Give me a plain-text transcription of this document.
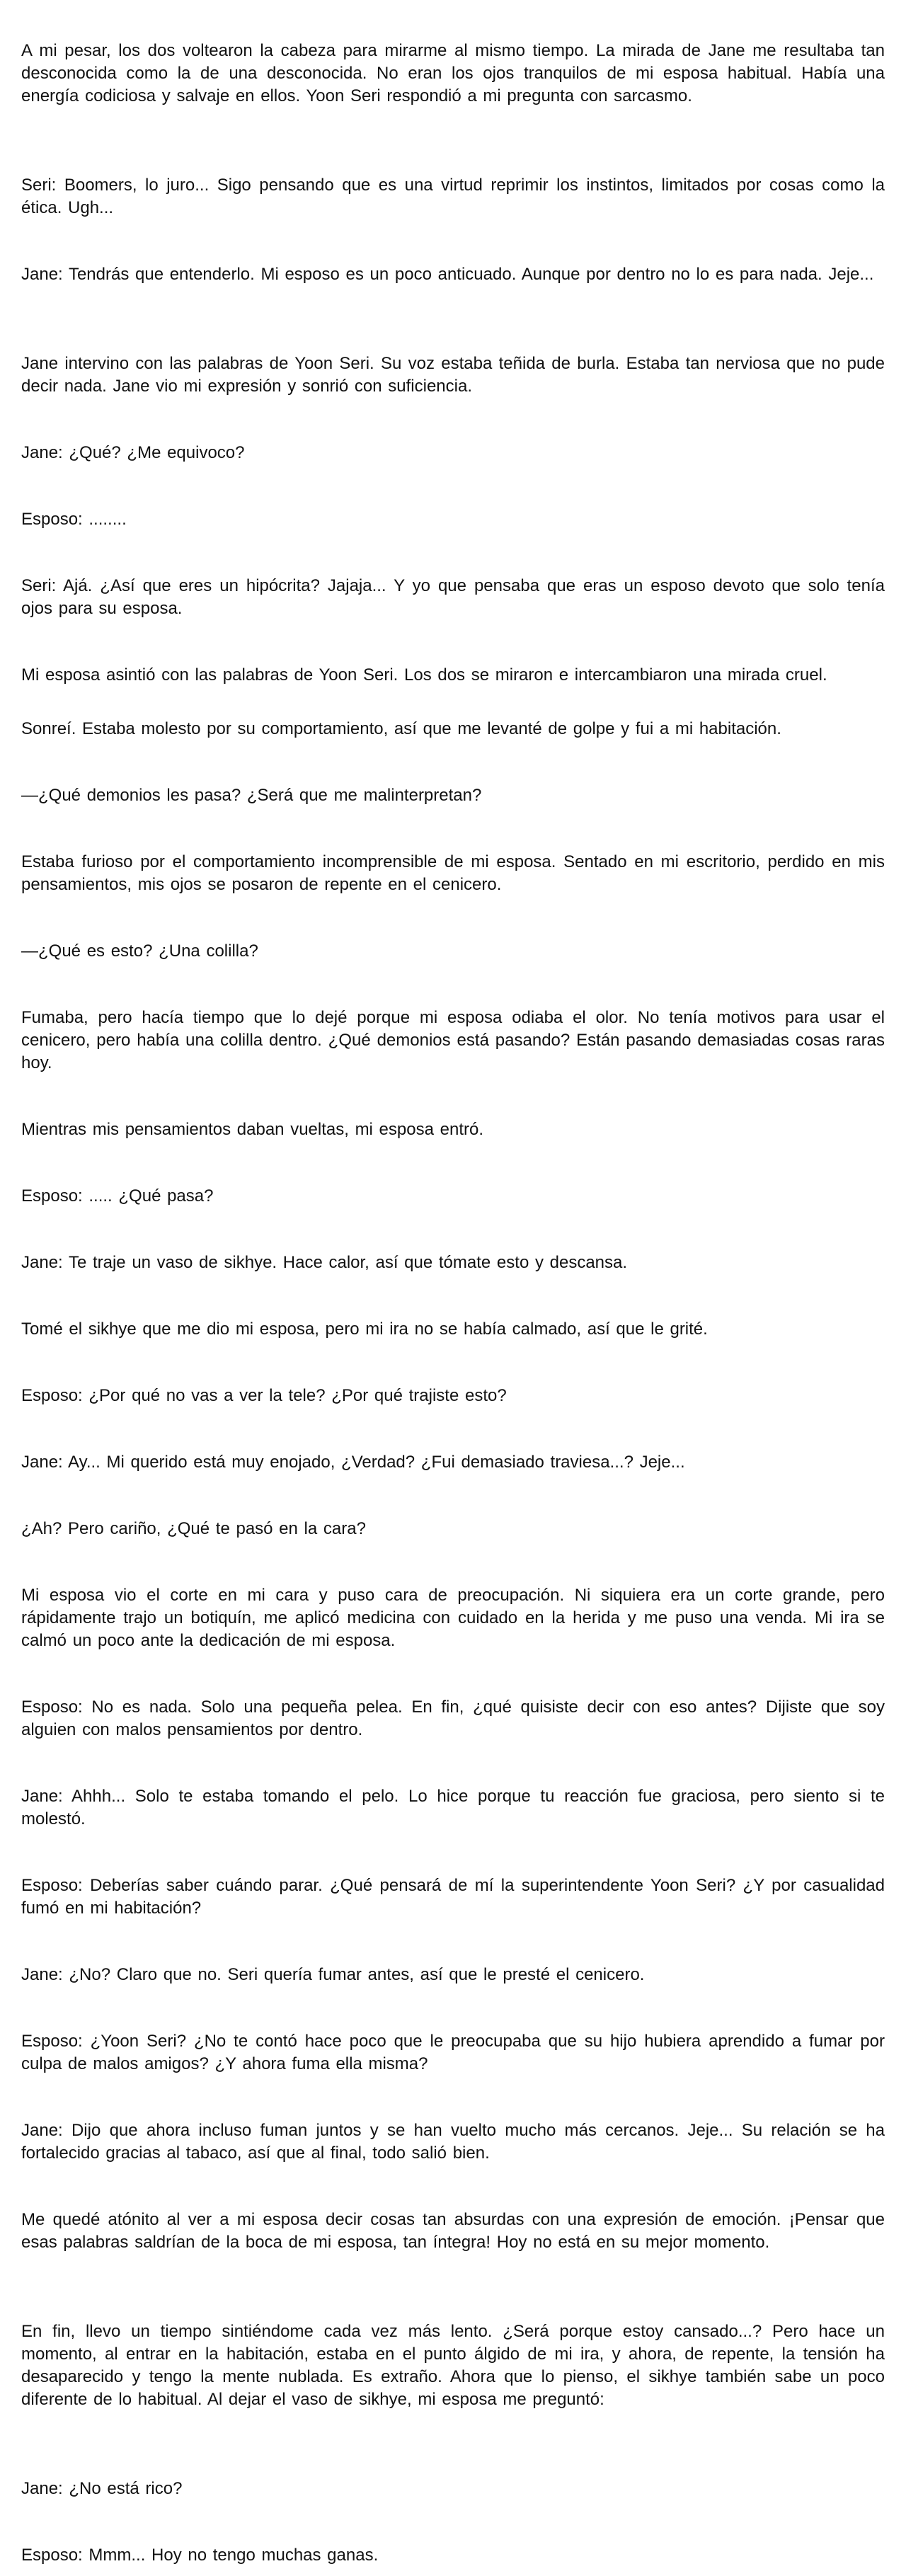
A mi pesar, los dos voltearon la cabeza para mirarme al mismo tiempo. La mirada de Jane me resultaba tan desconocida como la de una desconocida. No eran los ojos tranquilos de mi esposa habitual. Había una energía codiciosa y salvaje en ellos. Yoon Seri respondió a mi pregunta con sarcasmo.

Seri: Boomers, lo juro... Sigo pensando que es una virtud reprimir los instintos, limitados por cosas como la ética. Ugh...

Jane: Tendrás que entenderlo. Mi esposo es un poco anticuado. Aunque por dentro no lo es para nada. Jeje...

Jane intervino con las palabras de Yoon Seri. Su voz estaba teñida de burla. Estaba tan nerviosa que no pude decir nada. Jane vio mi expresión y sonrió con suficiencia.

Jane: ¿Qué? ¿Me equivoco?

Esposo: ........

Seri: Ajá. ¿Así que eres un hipócrita? Jajaja... Y yo que pensaba que eras un esposo devoto que solo tenía ojos para su esposa.

Mi esposa asintió con las palabras de Yoon Seri. Los dos se miraron e intercambiaron una mirada cruel.

Sonreí. Estaba molesto por su comportamiento, así que me levanté de golpe y fui a mi habitación.

—¿Qué demonios les pasa? ¿Será que me malinterpretan?

Estaba furioso por el comportamiento incomprensible de mi esposa. Sentado en mi escritorio, perdido en mis pensamientos, mis ojos se posaron de repente en el cenicero.

—¿Qué es esto? ¿Una colilla?

Fumaba, pero hacía tiempo que lo dejé porque mi esposa odiaba el olor. No tenía motivos para usar el cenicero, pero había una colilla dentro. ¿Qué demonios está pasando? Están pasando demasiadas cosas raras hoy.

Mientras mis pensamientos daban vueltas, mi esposa entró.

Esposo: ..... ¿Qué pasa?

Jane: Te traje un vaso de sikhye. Hace calor, así que tómate esto y descansa.

Tomé el sikhye que me dio mi esposa, pero mi ira no se había calmado, así que le grité.

Esposo: ¿Por qué no vas a ver la tele? ¿Por qué trajiste esto?

Jane: Ay... Mi querido está muy enojado, ¿Verdad? ¿Fui demasiado traviesa...? Jeje...

¿Ah? Pero cariño, ¿Qué te pasó en la cara?

Mi esposa vio el corte en mi cara y puso cara de preocupación. Ni siquiera era un corte grande, pero rápidamente trajo un botiquín, me aplicó medicina con cuidado en la herida y me puso una venda. Mi ira se calmó un poco ante la dedicación de mi esposa.

Esposo: No es nada. Solo una pequeña pelea. En fin, ¿qué quisiste decir con eso antes? Dijiste que soy alguien con malos pensamientos por dentro.

Jane: Ahhh... Solo te estaba tomando el pelo. Lo hice porque tu reacción fue graciosa, pero siento si te molestó.

Esposo: Deberías saber cuándo parar. ¿Qué pensará de mí la superintendente Yoon Seri? ¿Y por casualidad fumó en mi habitación?

Jane: ¿No? Claro que no. Seri quería fumar antes, así que le presté el cenicero.

Esposo: ¿Yoon Seri? ¿No te contó hace poco que le preocupaba que su hijo hubiera aprendido a fumar por culpa de malos amigos? ¿Y ahora fuma ella misma?

Jane: Dijo que ahora incluso fuman juntos y se han vuelto mucho más cercanos. Jeje... Su relación se ha fortalecido gracias al tabaco, así que al final, todo salió bien.

Me quedé atónito al ver a mi esposa decir cosas tan absurdas con una expresión de emoción. ¡Pensar que esas palabras saldrían de la boca de mi esposa, tan íntegra! Hoy no está en su mejor momento.

En fin, llevo un tiempo sintiéndome cada vez más lento. ¿Será porque estoy cansado...? Pero hace un momento, al entrar en la habitación, estaba en el punto álgido de mi ira, y ahora, de repente, la tensión ha desaparecido y tengo la mente nublada. Es extraño. Ahora que lo pienso, el sikhye también sabe un poco diferente de lo habitual. Al dejar el vaso de sikhye, mi esposa me preguntó:

Jane: ¿No está rico?

Esposo: Mmm... Hoy no tengo muchas ganas.
